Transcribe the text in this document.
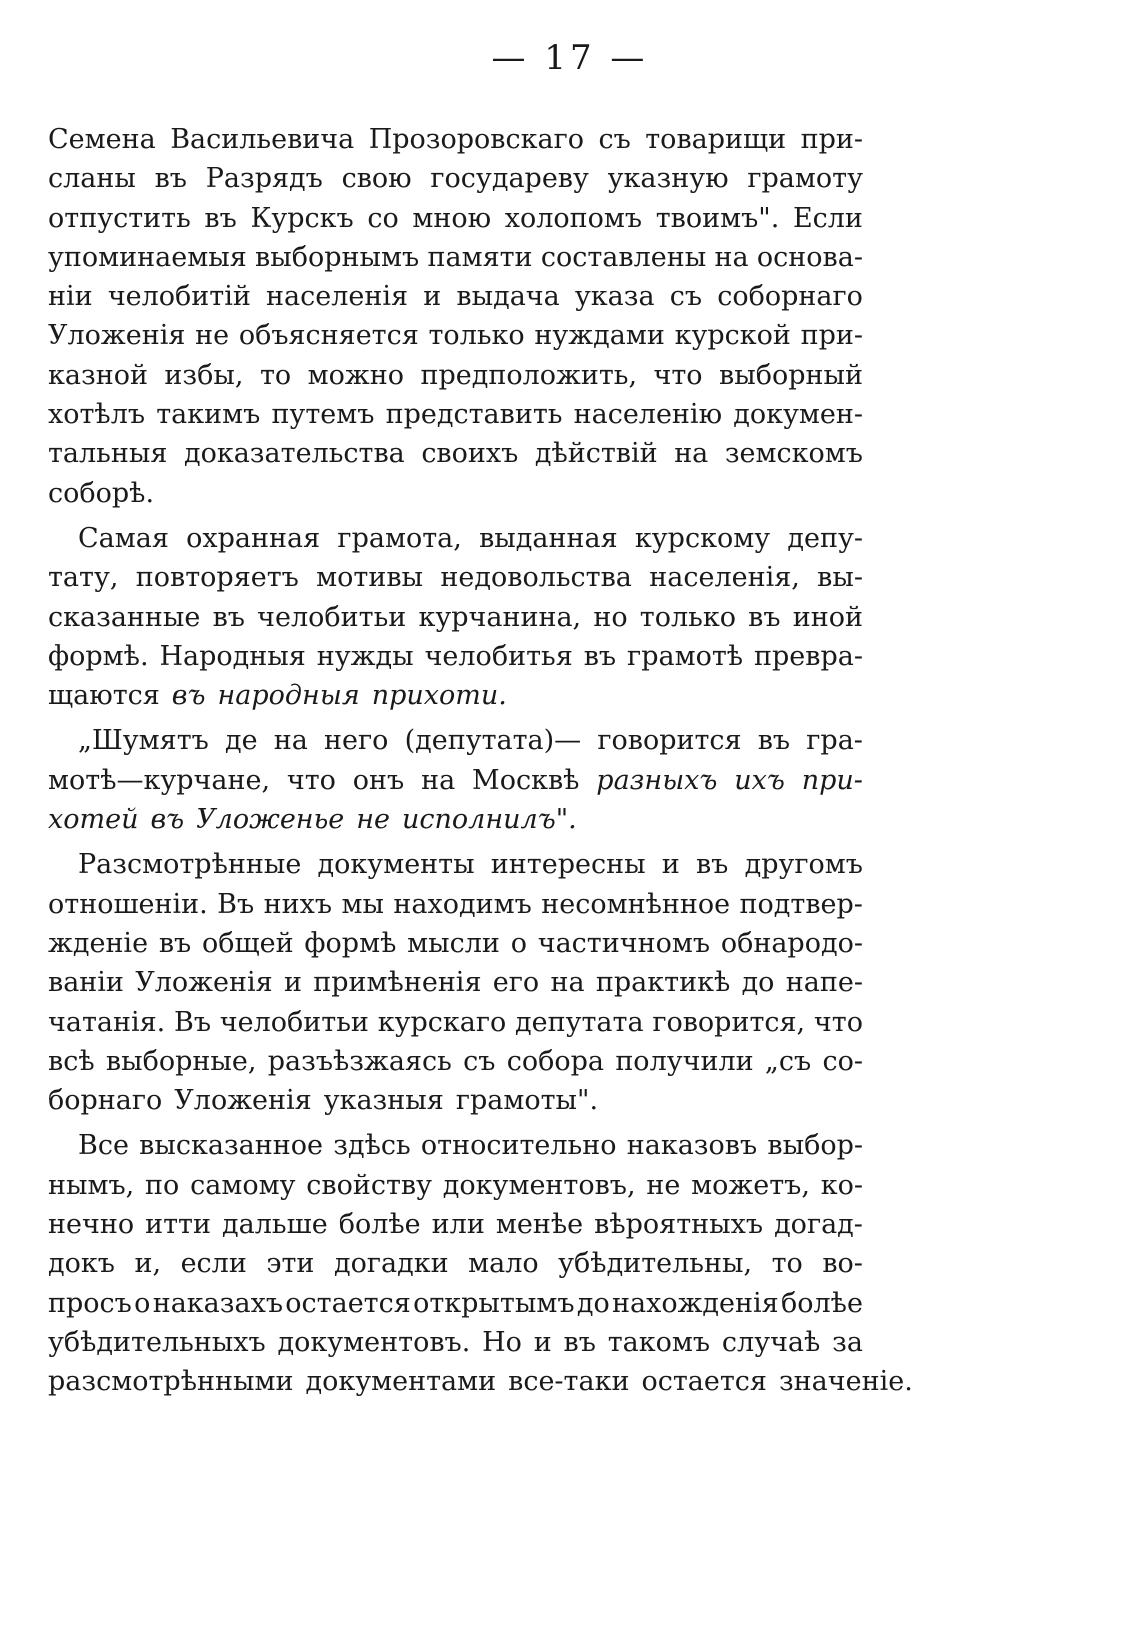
— 17 —
Семена Васильевича Прозоровскаго съ товарищи при-
сланы въ Разрядъ свою государеву указную грамоту
отпустить въ Курскъ со мною холопомъ твоимъ". Если
упоминаемыя выборнымъ памяти составлены на основа-
ніи челобитій населенія и выдача указа съ соборнаго
Уложенія не объясняется только нуждами курской при-
казной избы, то можно предположить, что выборный
хотѣлъ такимъ путемъ представить населенію докумен-
тальныя доказательства своихъ дѣйствій на земскомъ
соборѣ.
Самая охранная грамота, выданная курскому депу-
тату, повторяетъ мотивы недовольства населенія, вы-
сказанные въ челобитьи курчанина, но только въ иной
формѣ. Народныя нужды челобитья въ грамотѣ превра-
щаются въ народныя прихоти.
„Шумятъ де на него (депутата)— говорится въ гра-
мотѣ—курчане, что онъ на Москвѣ разныхъ ихъ при-
хотей въ Уложенье не исполнилъ".
Разсмотрѣнные документы интересны и въ другомъ
отношеніи. Въ нихъ мы находимъ несомнѣнное подтвер-
жденіе въ общей формѣ мысли о частичномъ обнародо-
ваніи Уложенія и примѣненія его на практикѣ до напе-
чатанія. Въ челобитьи курскаго депутата говорится, что
всѣ выборные, разъѣзжаясь съ собора получили „съ со-
борнаго Уложенія указныя грамоты".
Все высказанное здѣсь относительно наказовъ выбор-
нымъ, по самому свойству документовъ, не можетъ, ко-
нечно итти дальше болѣе или менѣе вѣроятныхъ догад-
докъ и, если эти догадки мало убѣдительны, то во-
просъ о наказахъ остается открытымъ до нахожденія болѣе
убѣдительныхъ документовъ. Но и въ такомъ случаѣ за
разсмотрѣнными документами все-таки остается значеніе.
